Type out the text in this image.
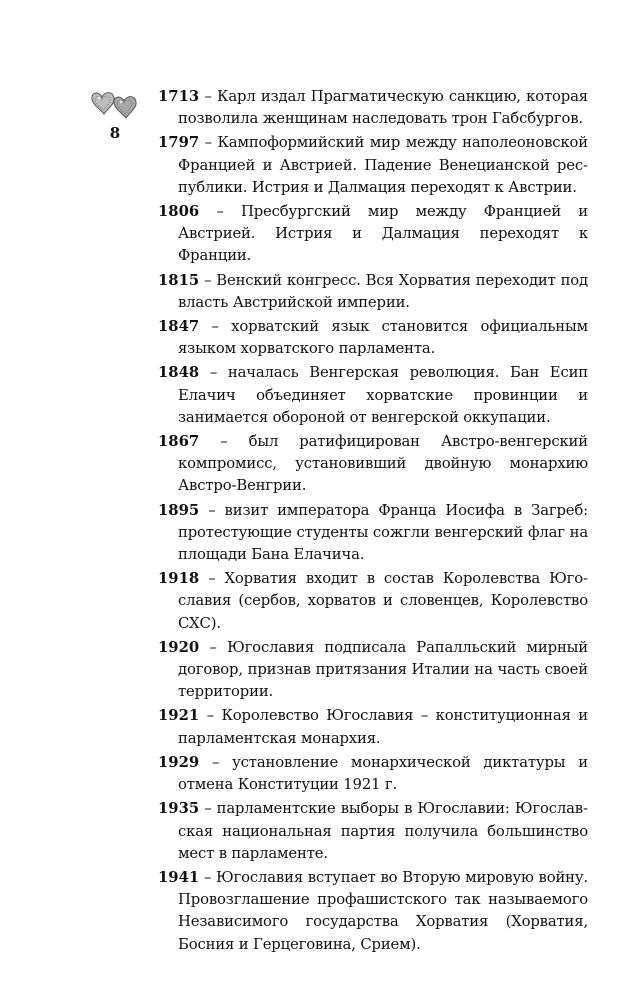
8
1713 – Карл издал Прагматическую санкцию, которая позволила женщинам наследовать трон Габсбургов.
1797 – Кампоформийский мир между наполеоновской Францией и Австрией. Падение Венецианской республики. Истрия и Далмация переходят к Австрии.
1806 – Пресбургский мир между Францией и Австрией. Истрия и Далмация переходят к Франции.
1815 – Венский конгресс. Вся Хорватия переходит под власть Австрийской империи.
1847 – хорватский язык становится официальным языком хорватского парламента.
1848 – началась Венгерская революция. Бан Есип Елачич объединяет хорватские провинции и занимается обороной от венгерской оккупации.
1867 – был ратифицирован Австро-венгерский компромисс, установивший двойную монархию Австро-Венгрии.
1895 – визит императора Франца Иосифа в Загреб: протестующие студенты сожгли венгерский флаг на площади Бана Елачича.
1918 – Хорватия входит в состав Королевства Югославия (сербов, хорватов и словенцев, Королевство СХС).
1920 – Югославия подписала Рапалльский мирный договор, признав притязания Италии на часть своей территории.
1921 – Королевство Югославия – конституционная и парламентская монархия.
1929 – установление монархической диктатуры и отмена Конституции 1921 г.
1935 – парламентские выборы в Югославии: Югославская национальная партия получила большинство мест в парламенте.
1941 – Югославия вступает во Вторую мировую войну. Провозглашение профашистского так называемого Независимого государства Хорватия (Хорватия, Босния и Герцеговина, Срием).
